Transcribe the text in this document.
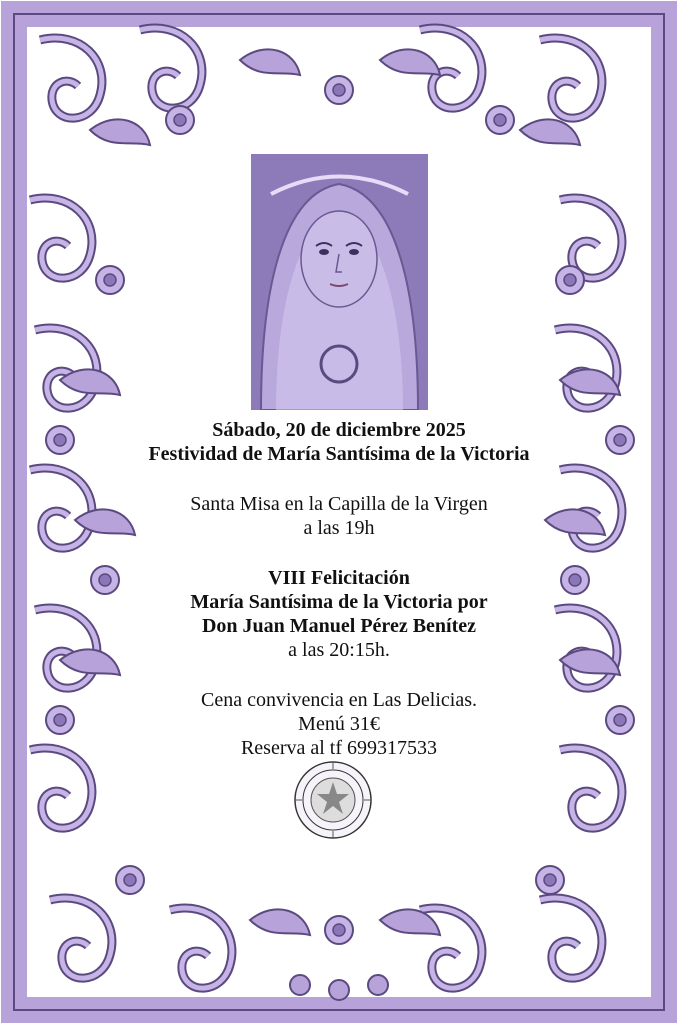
Sábado, 20 de diciembre 2025
Festividad de María Santísima de la Victoria
Santa Misa en la Capilla de la Virgen
a las 19h
VIII Felicitación
María Santísima de la Victoria por
Don Juan Manuel Pérez Benítez
a las 20:15h.
Cena convivencia en Las Delicias.
Menú 31€
Reserva al tf 699317533
